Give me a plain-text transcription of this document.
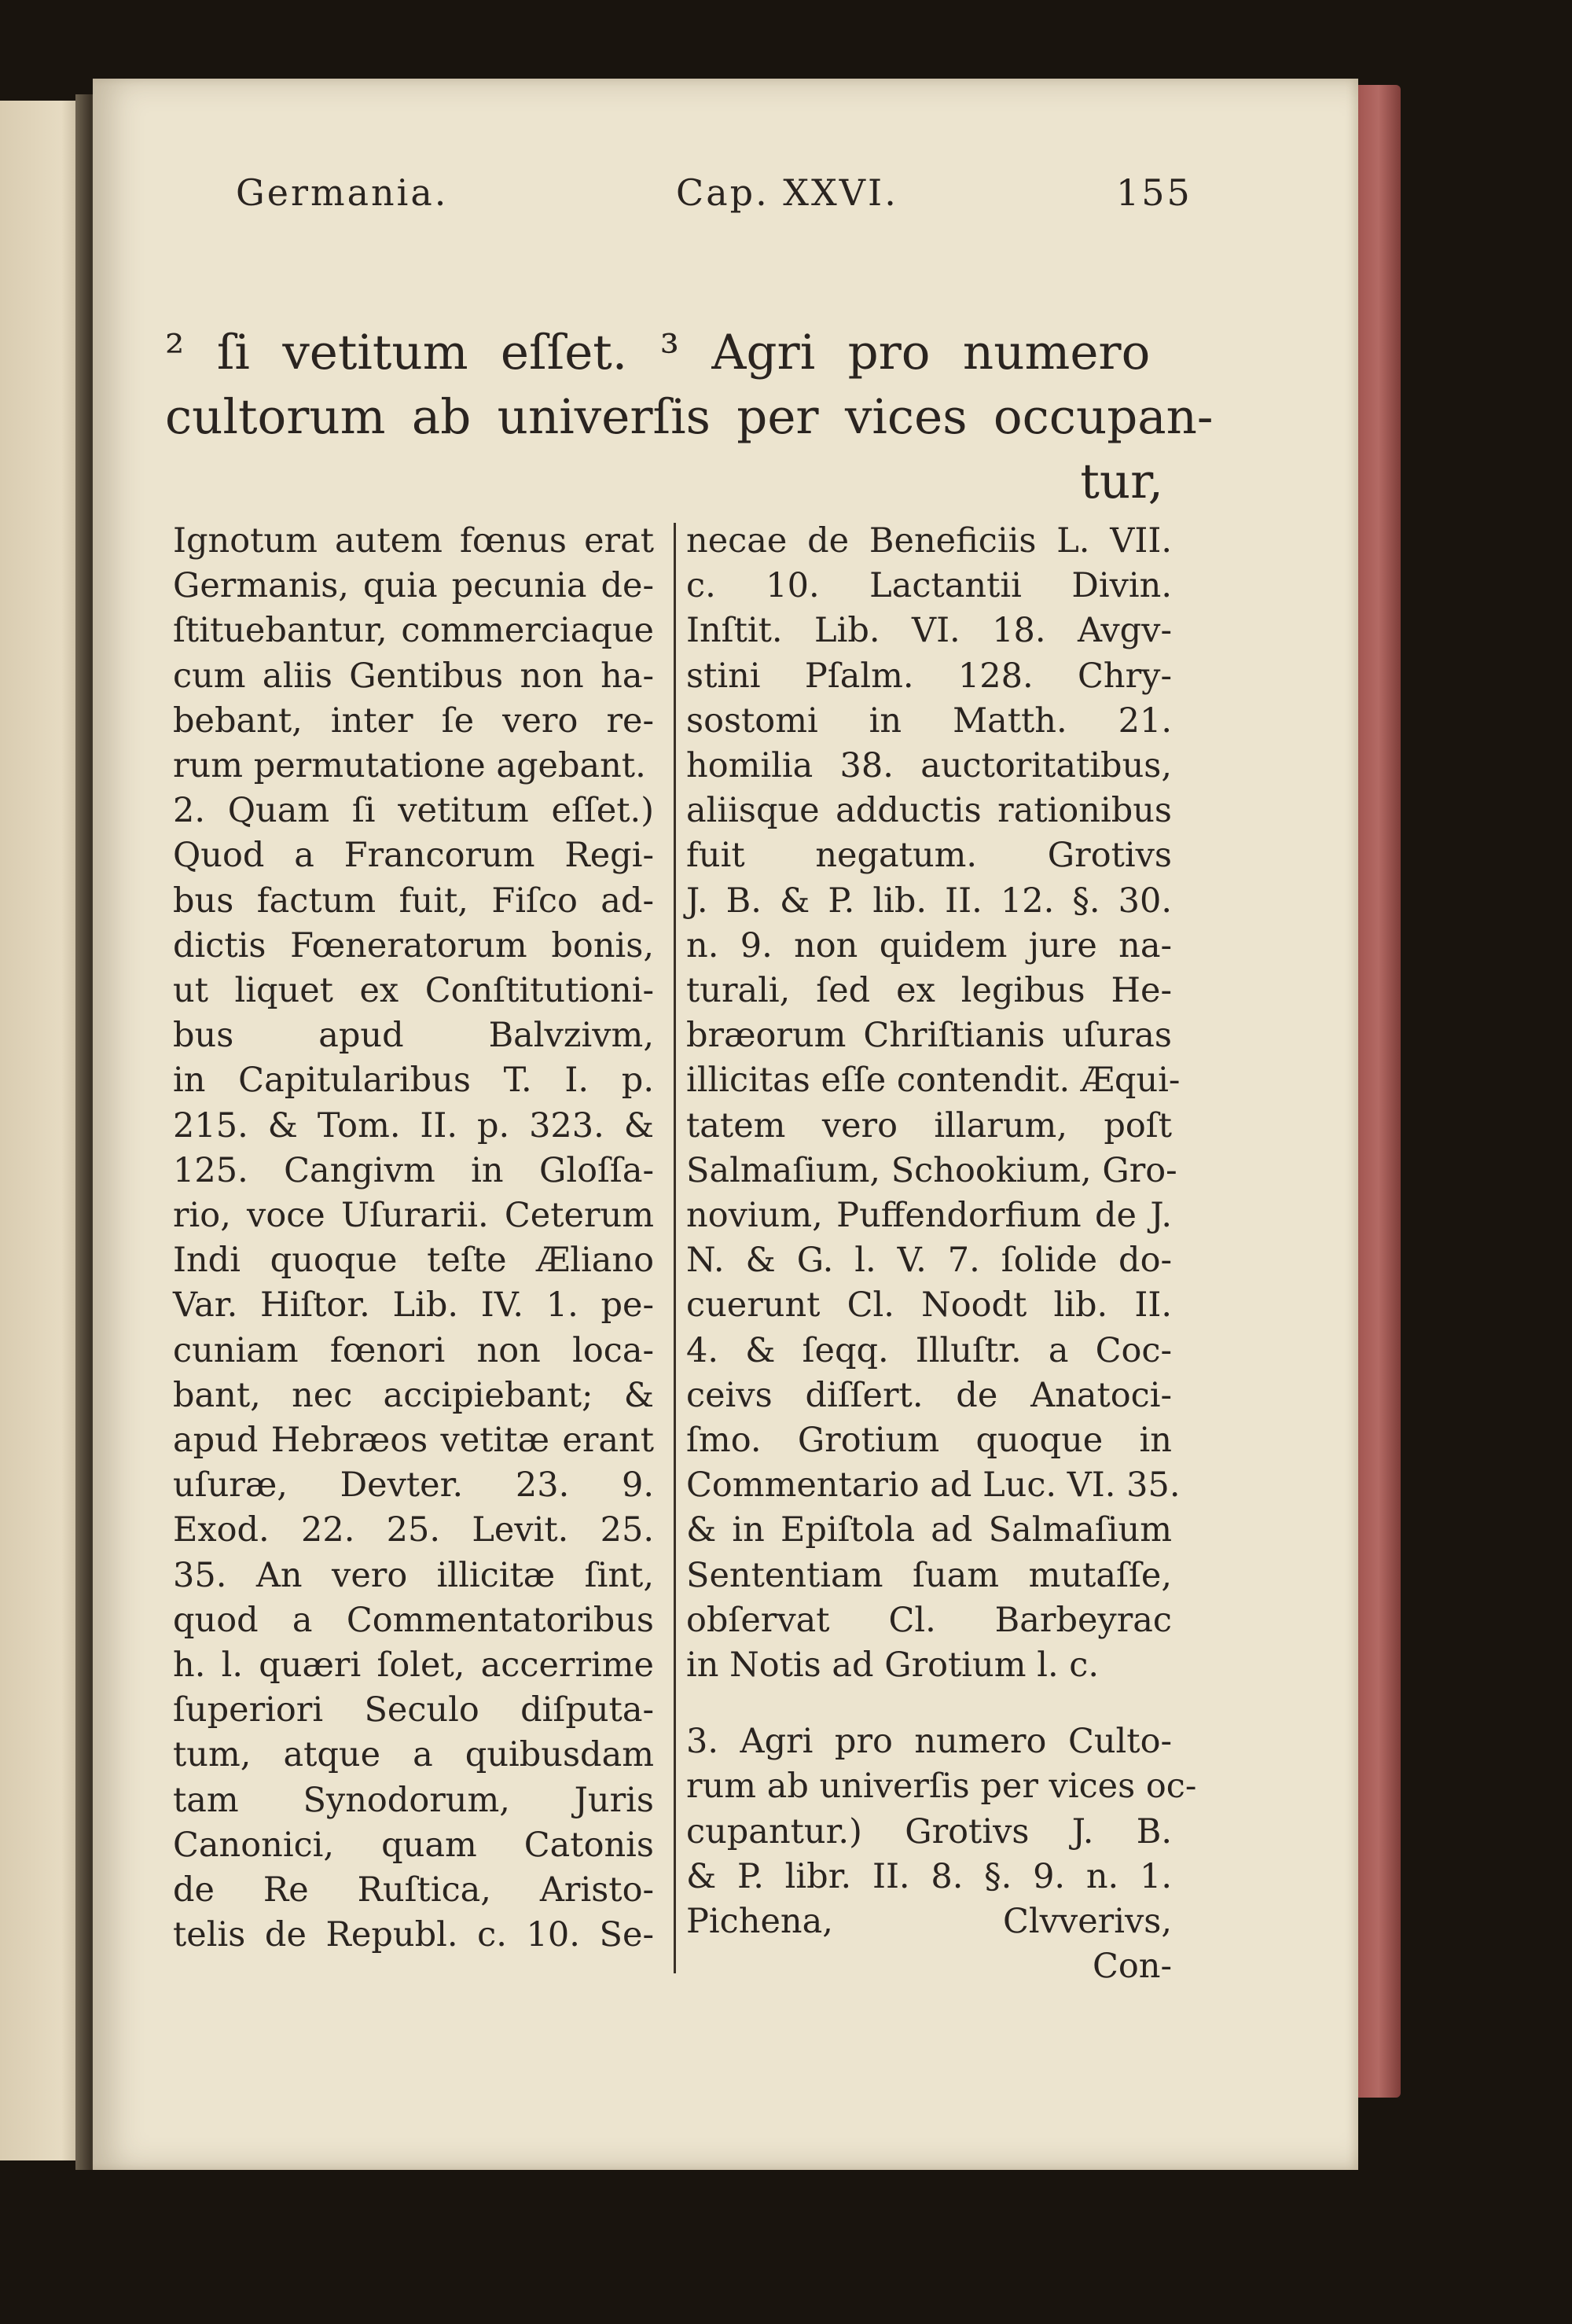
Germania.	Cap. XXVI.	155
² ſi vetitum eſſet. ³ Agri pro numero
cultorum ab univerſis per vices occupan-
tur,
Ignotum autem fœnus erat
Germanis, quia pecunia de-
ſtituebantur, commerciaque
cum aliis Gentibus non ha-
bebant, inter ſe vero re-
rum permutatione agebant.
2. Quam ſi vetitum eſſet.)
Quod a Francorum Regi-
bus factum fuit, Fiſco ad-
dictis Fœneratorum bonis,
ut liquet ex Conſtitutioni-
bus apud Balvzivm,
in Capitularibus T. I. p.
215. & Tom. II. p. 323. &
125. Cangivm in Gloſſa-
rio, voce Uſurarii. Ceterum
Indi quoque teſte Æliano
Var. Hiſtor. Lib. IV. 1. pe-
cuniam fœnori non loca-
bant, nec accipiebant; &
apud Hebræos vetitæ erant
uſuræ, Devter. 23. 9.
Exod. 22. 25. Levit. 25.
35. An vero illicitæ ſint,
quod a Commentatoribus
h. l. quæri ſolet, accerrime
ſuperiori Seculo diſputa-
tum, atque a quibusdam
tam Synodorum, Juris
Canonici, quam Catonis
de Re Ruſtica, Aristo-
telis de Republ. c. 10. Se-
necae de Beneficiis L. VII.
c. 10. Lactantii Divin.
Inſtit. Lib. VI. 18. Avgv-
stini Pſalm. 128. Chry-
sostomi in Matth. 21.
homilia 38. auctoritatibus,
aliisque adductis rationibus
fuit negatum. Grotivs
J. B. & P. lib. II. 12. §. 30.
n. 9. non quidem jure na-
turali, ſed ex legibus He-
bræorum Chriſtianis uſuras
illicitas eſſe contendit. Æqui-
tatem vero illarum, poſt
Salmaſium, Schookium, Gro-
novium, Puffendorfium de J.
N. & G. l. V. 7. ſolide do-
cuerunt Cl. Noodt lib. II.
4. & ſeqq. Illuſtr. a Coc-
ceivs diſſert. de Anatoci-
ſmo. Grotium quoque in
Commentario ad Luc. VI. 35.
& in Epiſtola ad Salmaſium
Sententiam ſuam mutaſſe,
obſervat Cl. Barbeyrac
in Notis ad Grotium l. c.
3. Agri pro numero Culto-
rum ab univerſis per vices oc-
cupantur.) Grotivs J. B.
& P. libr. II. 8. §. 9. n. 1.
Pichena, Clvverivs,
Con-
